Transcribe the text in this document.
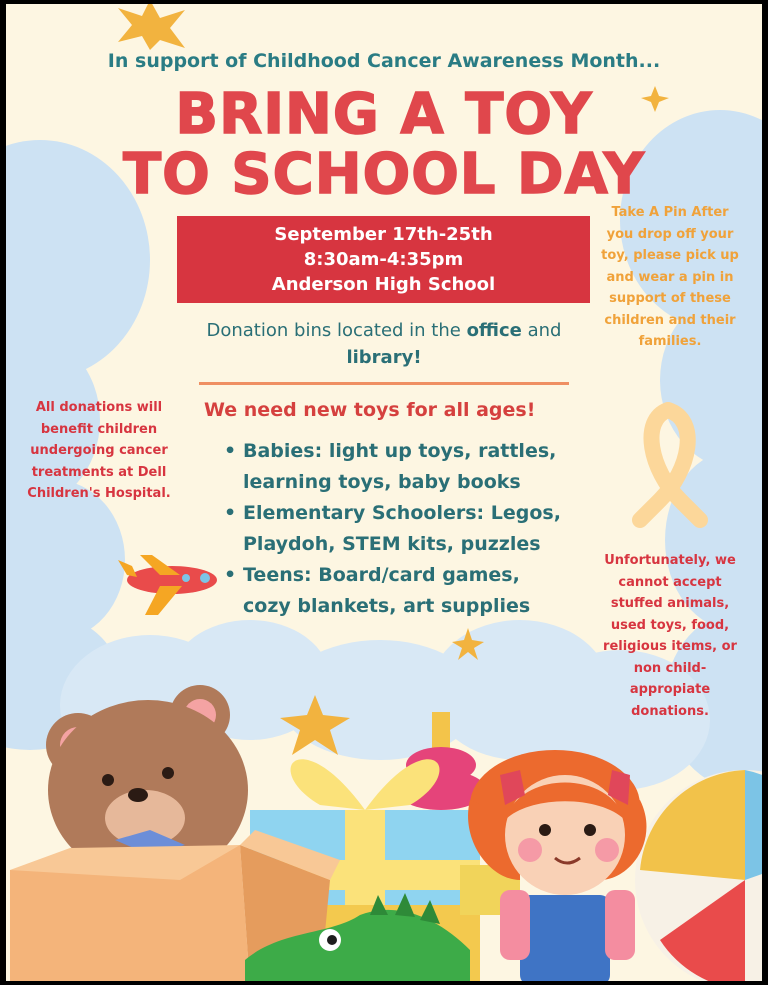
In support of Childhood Cancer Awareness Month...
BRING A TOY
TO SCHOOL DAY
September 17th-25th
8:30am-4:35pm
Anderson High School
Donation bins located in the office and
library!
We need new toys for all ages!
• Babies: light up toys, rattles, learning toys, baby books
• Elementary Schoolers: Legos, Playdoh, STEM kits, puzzles
• Teens: Board/card games, cozy blankets, art supplies
All donations will benefit children undergoing cancer treatments at Dell Children's Hospital.
Take A Pin After you drop off your toy, please pick up and wear a pin in support of these children and their families.
Unfortunately, we cannot accept stuffed animals, used toys, food, religious items, or non child-appropiate donations.
